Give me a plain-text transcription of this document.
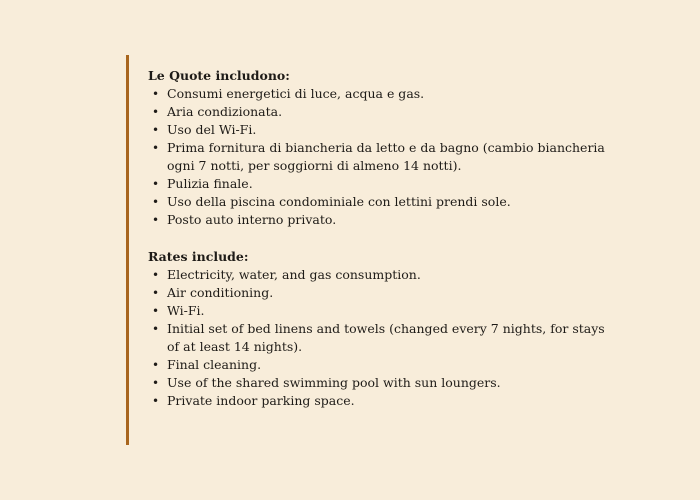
Le Quote includono:

• Consumi energetici di luce, acqua e gas.
• Aria condizionata.
• Uso del Wi-Fi.
• Prima fornitura di biancheria da letto e da bagno (cambio biancheria ogni 7 notti, per soggiorni di almeno 14 notti).
• Pulizia finale.
• Uso della piscina condominiale con lettini prendi sole.
• Posto auto interno privato.

Rates include:

• Electricity, water, and gas consumption.
• Air conditioning.
• Wi-Fi.
• Initial set of bed linens and towels (changed every 7 nights, for stays of at least 14 nights).
• Final cleaning.
• Use of the shared swimming pool with sun loungers.
• Private indoor parking space.
